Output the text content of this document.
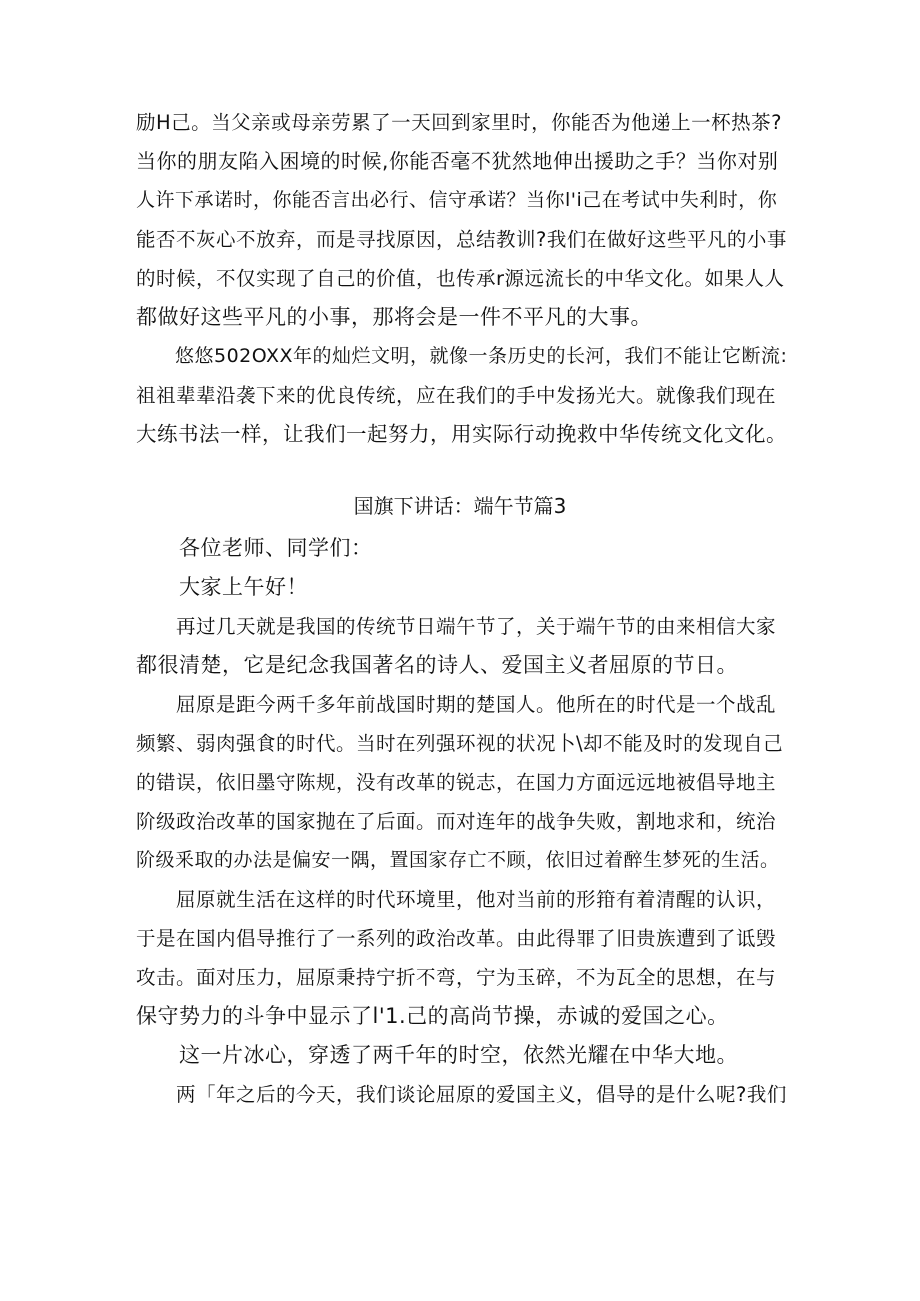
励H己。当父亲或母亲劳累了一天回到家里时，你能否为他递上一杯热茶?
当你的朋友陷入困境的时候,你能否毫不犹然地伸出援助之手？当你对别
人许下承诺时，你能否言出必行、信守承诺？当你l'i己在考试中失利时，你
能否不灰心不放弃，而是寻找原因，总结教训?我们在做好这些平凡的小事
的时候，不仅实现了自己的价值，也传承r源远流长的中华文化。如果人人
都做好这些平凡的小事，那将会是一件不平凡的大事。
　　悠悠502OXX年的灿烂文明，就像一条历史的长河，我们不能让它断流:
祖祖辈辈沿袭下来的优良传统，应在我们的手中发扬光大。就像我们现在
大练书法一样，让我们一起努力，用实际行动挽救中华传统文化文化。
国旗下讲话：端午节篇3
　　各位老师、同学们：
　　大家上午好！
　　再过几天就是我国的传统节日端午节了，关于端午节的由来相信大家
都很清楚，它是纪念我国著名的诗人、爱国主义者屈原的节日。
　　屈原是距今两千多年前战国时期的楚国人。他所在的时代是一个战乱
频繁、弱肉强食的时代。当时在列强环视的状况卜\却不能及时的发现自己
的错误，依旧墨守陈规，没有改革的锐志，在国力方面远远地被倡导地主
阶级政治改革的国家抛在了后面。而对连年的战争失败，割地求和，统治
阶级釆取的办法是偏安一隅，置国家存亡不顾，依旧过着醉生梦死的生活。
　　屈原就生活在这样的时代环境里，他对当前的形箝有着清醒的认识，
于是在国内倡导推行了一系列的政治改革。由此得罪了旧贵族遭到了诋毁
攻击。面对压力，屈原秉持宁折不弯，宁为玉碎，不为瓦全的思想，在与
保守势力的斗争中显示了l'1.己的高尚节操，赤诚的爱国之心。
　　这一片冰心，穿透了两千年的时空，依然光耀在中华大地。
　　两「年之后的今天，我们谈论屈原的爱国主义，倡导的是什么呢?我们
